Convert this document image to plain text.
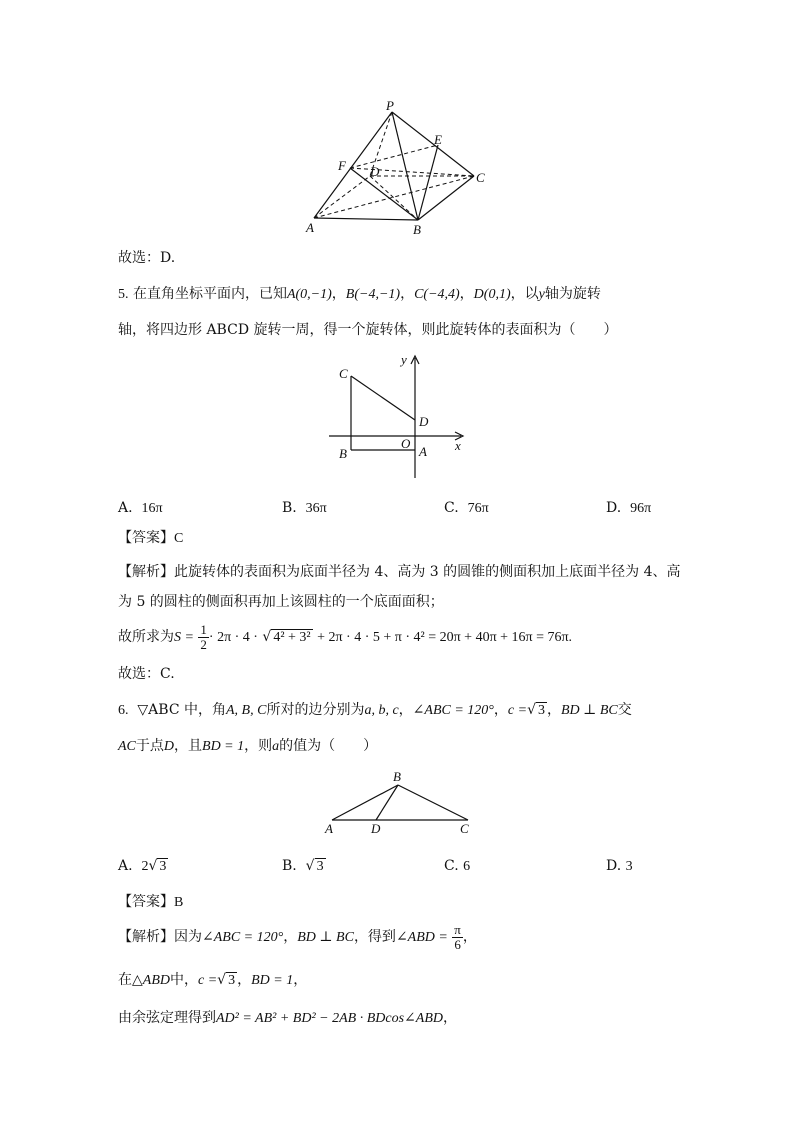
P
E
F D	C
A	B
故选：D.
5. 在直角坐标平面内，已知A(0,−1)，B(−4,−1)，C(−4,4)，D(0,1)，以y轴为旋转
轴，将四边形 ABCD 旋转一周，得一个旋转体，则此旋转体的表面积为（　　）
C
y
D
O	x
B	A
A. 16π	B. 36π	C. 76π	D. 96π
【答案】C
【解析】此旋转体的表面积为底面半径为 4、高为 3 的圆锥的侧面积加上底面半径为 4、高
为 5 的圆柱的侧面积再加上该圆柱的一个底面面积；
故所求为$S = \frac{1}{2} \cdot 2\pi \cdot 4$ · √ 4² + 3² + 2π · 4 · 5 + π · 4² = 20π + 40π + 16π = 76π.
故选：C.
6. ▽ABC 中，角A, B, C所对的边分别为a, b, c，∠ABC = 120°，c =√ 3 ，BD ⊥ BC交
AC于点D，且BD = 1，则a的值为（　　）
B
A	D	C
A. 2√ 3	B. √ 3	C. 6	D. 3
【答案】B
【解析】因为∠ABC = 120°，BD ⊥ BC，得到∠ABD = $\frac{\pi}{6}$ ，
在△ABD中，c =√ 3 ，BD = 1，
由余弦定理得到AD² = AB² + BD² − 2AB · BDcos∠ABD，
